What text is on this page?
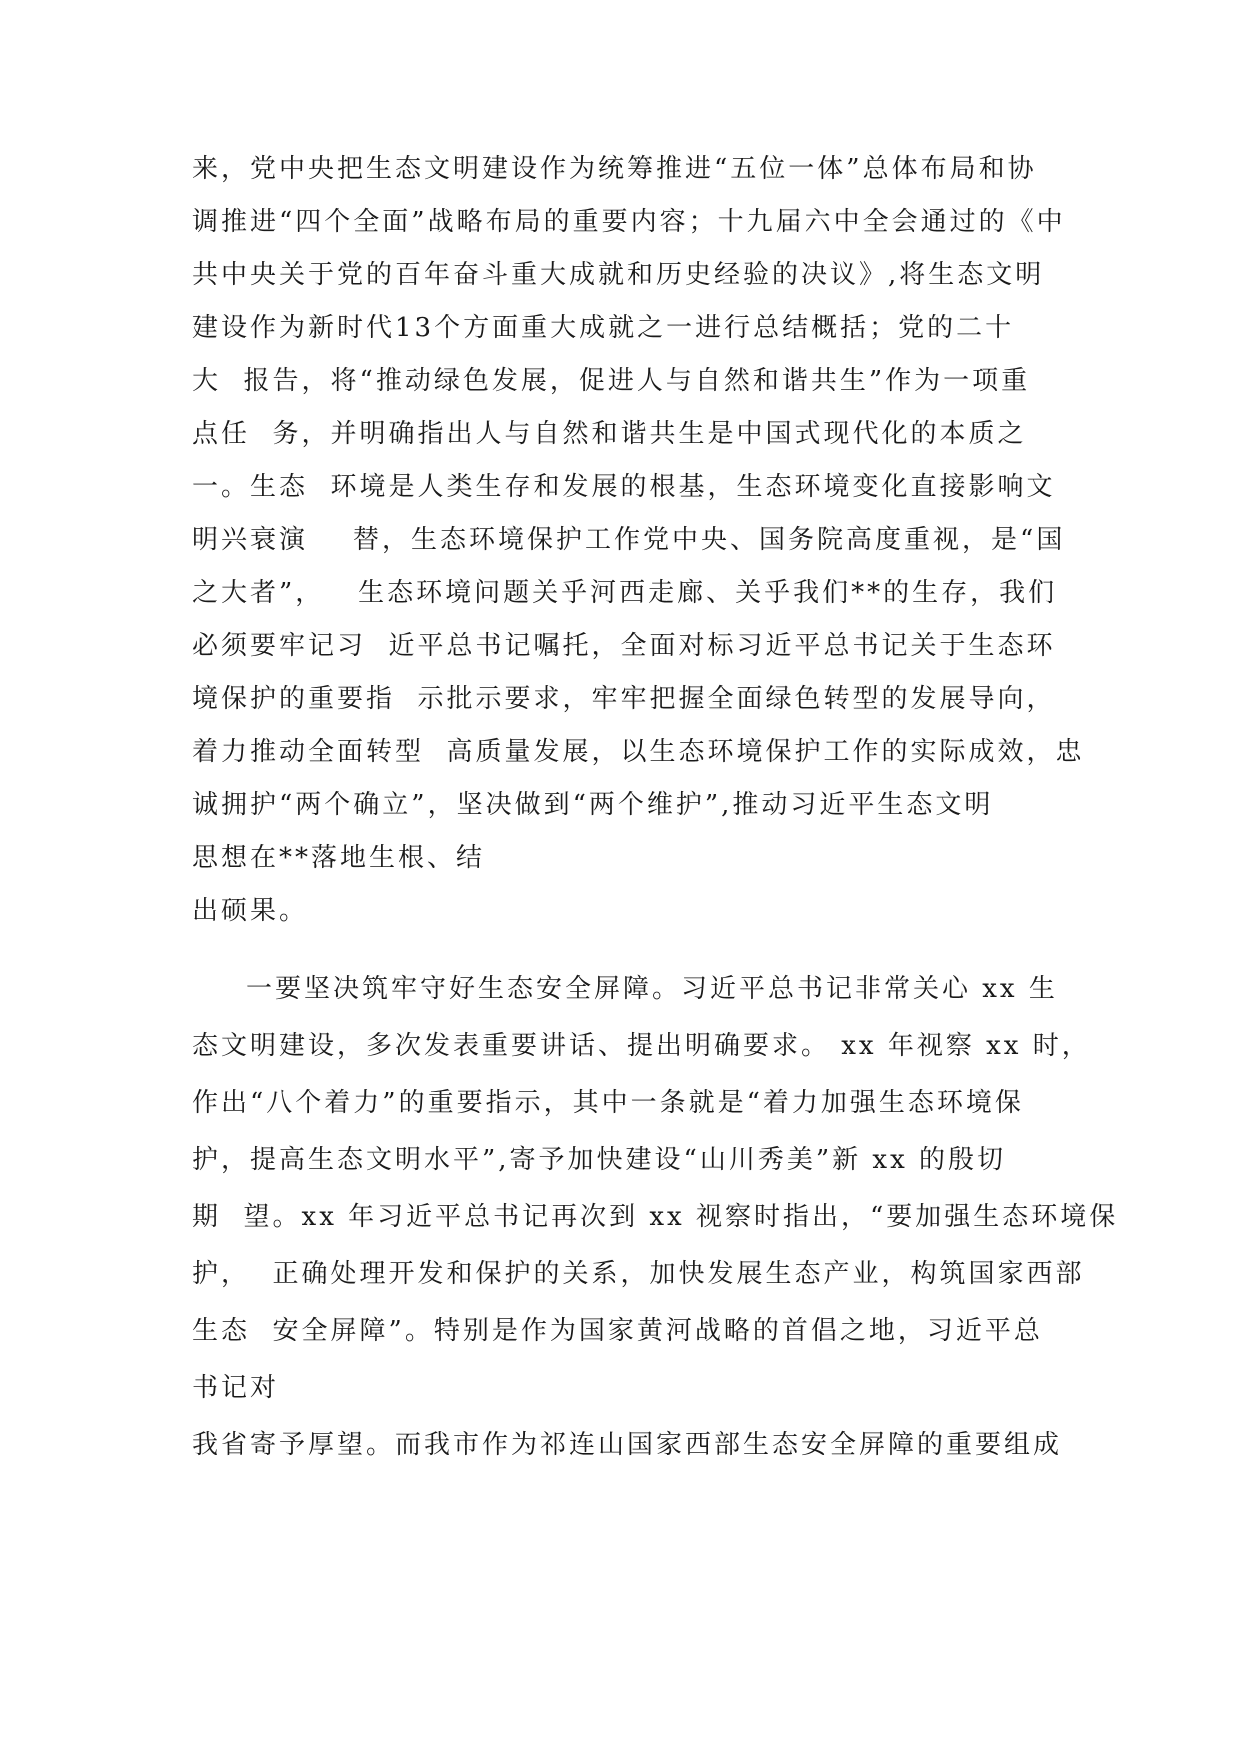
来，党中央把生态文明建设作为统筹推进“五位一体”总体布局和协
调推进“四个全面”战略布局的重要内容；十九届六中全会通过的《中
共中央关于党的百年奋斗重大成就和历史经验的决议》,将生态文明
建设作为新时代13个方面重大成就之一进行总结概括；党的二十
大  报告，将“推动绿色发展，促进人与自然和谐共生”作为一项重
点任  务，并明确指出人与自然和谐共生是中国式现代化的本质之
一。生态  环境是人类生存和发展的根基，生态环境变化直接影响文
明兴衰演    替，生态环境保护工作党中央、国务院高度重视，是“国
之大者”，   生态环境问题关乎河西走廊、关乎我们**的生存，我们
必须要牢记习  近平总书记嘱托，全面对标习近平总书记关于生态环
境保护的重要指  示批示要求，牢牢把握全面绿色转型的发展导向，
着力推动全面转型  高质量发展，以生态环境保护工作的实际成效，忠
诚拥护“两个确立”，坚决做到“两个维护”,推动习近平生态文明
思想在**落地生根、结
出硕果。
一要坚决筑牢守好生态安全屏障。习近平总书记非常关心 xx 生
态文明建设，多次发表重要讲话、提出明确要求。 xx 年视察 xx 时，
作出“八个着力”的重要指示，其中一条就是“着力加强生态环境保
护，提高生态文明水平”,寄予加快建设“山川秀美”新 xx 的殷切
期  望。xx 年习近平总书记再次到 xx 视察时指出，“要加强生态环境保
护，  正确处理开发和保护的关系，加快发展生态产业，构筑国家西部
生态  安全屏障”。特别是作为国家黄河战略的首倡之地，习近平总
书记对
我省寄予厚望。而我市作为祁连山国家西部生态安全屏障的重要组成
